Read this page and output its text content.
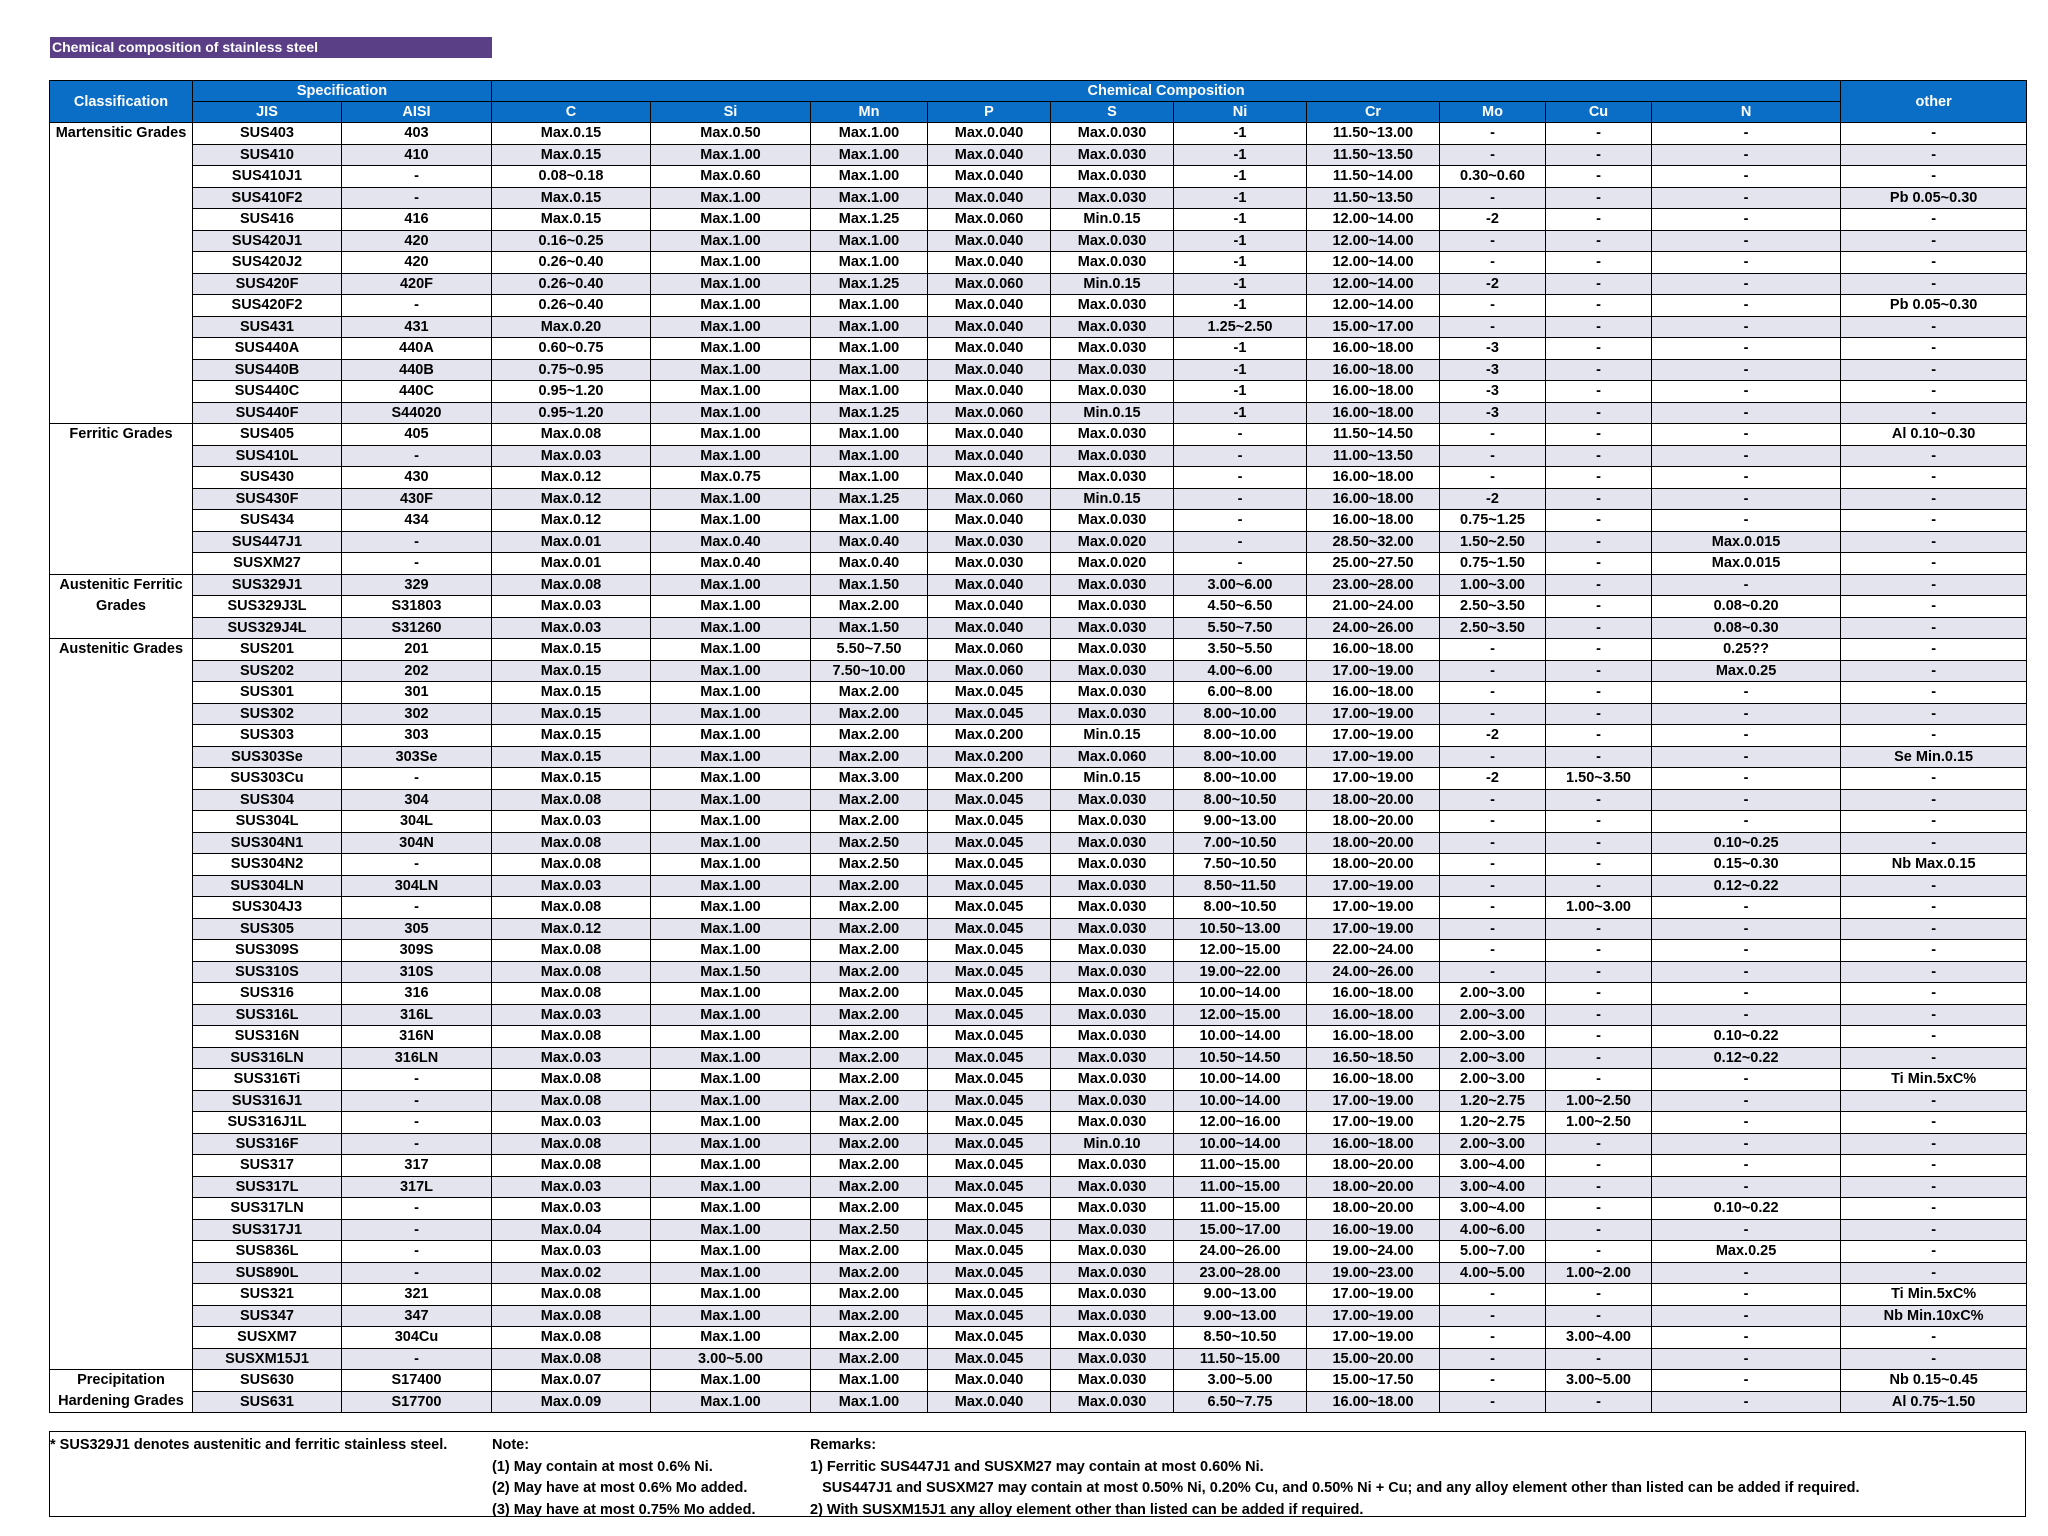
Chemical composition of stainless steel
Classification	Specification		Chemical Composition										other
	JIS	AISI	C	Si	Mn	P	S	Ni	Cr	Mo	Cu	N	
Martensitic Grades	SUS403	403	Max.0.15	Max.0.50	Max.1.00	Max.0.040	Max.0.030	-1	11.50~13.00	-	-	-	-
	SUS410	410	Max.0.15	Max.1.00	Max.1.00	Max.0.040	Max.0.030	-1	11.50~13.50	-	-	-	-
	SUS410J1	-	0.08~0.18	Max.0.60	Max.1.00	Max.0.040	Max.0.030	-1	11.50~14.00	0.30~0.60	-	-	-
	SUS410F2	-	Max.0.15	Max.1.00	Max.1.00	Max.0.040	Max.0.030	-1	11.50~13.50	-	-	-	Pb 0.05~0.30
	SUS416	416	Max.0.15	Max.1.00	Max.1.25	Max.0.060	Min.0.15	-1	12.00~14.00	-2	-	-	-
	SUS420J1	420	0.16~0.25	Max.1.00	Max.1.00	Max.0.040	Max.0.030	-1	12.00~14.00	-	-	-	-
	SUS420J2	420	0.26~0.40	Max.1.00	Max.1.00	Max.0.040	Max.0.030	-1	12.00~14.00	-	-	-	-
	SUS420F	420F	0.26~0.40	Max.1.00	Max.1.25	Max.0.060	Min.0.15	-1	12.00~14.00	-2	-	-	-
	SUS420F2	-	0.26~0.40	Max.1.00	Max.1.00	Max.0.040	Max.0.030	-1	12.00~14.00	-	-	-	Pb 0.05~0.30
	SUS431	431	Max.0.20	Max.1.00	Max.1.00	Max.0.040	Max.0.030	1.25~2.50	15.00~17.00	-	-	-	-
	SUS440A	440A	0.60~0.75	Max.1.00	Max.1.00	Max.0.040	Max.0.030	-1	16.00~18.00	-3	-	-	-
	SUS440B	440B	0.75~0.95	Max.1.00	Max.1.00	Max.0.040	Max.0.030	-1	16.00~18.00	-3	-	-	-
	SUS440C	440C	0.95~1.20	Max.1.00	Max.1.00	Max.0.040	Max.0.030	-1	16.00~18.00	-3	-	-	-
	SUS440F	S44020	0.95~1.20	Max.1.00	Max.1.25	Max.0.060	Min.0.15	-1	16.00~18.00	-3	-	-	-
Ferritic Grades	SUS405	405	Max.0.08	Max.1.00	Max.1.00	Max.0.040	Max.0.030	-	11.50~14.50	-	-	-	Al 0.10~0.30
	SUS410L	-	Max.0.03	Max.1.00	Max.1.00	Max.0.040	Max.0.030	-	11.00~13.50	-	-	-	-
	SUS430	430	Max.0.12	Max.0.75	Max.1.00	Max.0.040	Max.0.030	-	16.00~18.00	-	-	-	-
	SUS430F	430F	Max.0.12	Max.1.00	Max.1.25	Max.0.060	Min.0.15	-	16.00~18.00	-2	-	-	-
	SUS434	434	Max.0.12	Max.1.00	Max.1.00	Max.0.040	Max.0.030	-	16.00~18.00	0.75~1.25	-	-	-
	SUS447J1	-	Max.0.01	Max.0.40	Max.0.40	Max.0.030	Max.0.020	-	28.50~32.00	1.50~2.50	-	Max.0.015	-
	SUSXM27	-	Max.0.01	Max.0.40	Max.0.40	Max.0.030	Max.0.020	-	25.00~27.50	0.75~1.50	-	Max.0.015	-
Austenitic Ferritic Grades	SUS329J1	329	Max.0.08	Max.1.00	Max.1.50	Max.0.040	Max.0.030	3.00~6.00	23.00~28.00	1.00~3.00	-	-	-
	SUS329J3L	S31803	Max.0.03	Max.1.00	Max.2.00	Max.0.040	Max.0.030	4.50~6.50	21.00~24.00	2.50~3.50	-	0.08~0.20	-
	SUS329J4L	S31260	Max.0.03	Max.1.00	Max.1.50	Max.0.040	Max.0.030	5.50~7.50	24.00~26.00	2.50~3.50	-	0.08~0.30	-
Austenitic Grades	SUS201	201	Max.0.15	Max.1.00	5.50~7.50	Max.0.060	Max.0.030	3.50~5.50	16.00~18.00	-	-	0.25??	-
	SUS202	202	Max.0.15	Max.1.00	7.50~10.00	Max.0.060	Max.0.030	4.00~6.00	17.00~19.00	-	-	Max.0.25	-
	SUS301	301	Max.0.15	Max.1.00	Max.2.00	Max.0.045	Max.0.030	6.00~8.00	16.00~18.00	-	-	-	-
	SUS302	302	Max.0.15	Max.1.00	Max.2.00	Max.0.045	Max.0.030	8.00~10.00	17.00~19.00	-	-	-	-
	SUS303	303	Max.0.15	Max.1.00	Max.2.00	Max.0.200	Min.0.15	8.00~10.00	17.00~19.00	-2	-	-	-
	SUS303Se	303Se	Max.0.15	Max.1.00	Max.2.00	Max.0.200	Max.0.060	8.00~10.00	17.00~19.00	-	-	-	Se Min.0.15
	SUS303Cu	-	Max.0.15	Max.1.00	Max.3.00	Max.0.200	Min.0.15	8.00~10.00	17.00~19.00	-2	1.50~3.50	-	-
	SUS304	304	Max.0.08	Max.1.00	Max.2.00	Max.0.045	Max.0.030	8.00~10.50	18.00~20.00	-	-	-	-
	SUS304L	304L	Max.0.03	Max.1.00	Max.2.00	Max.0.045	Max.0.030	9.00~13.00	18.00~20.00	-	-	-	-
	SUS304N1	304N	Max.0.08	Max.1.00	Max.2.50	Max.0.045	Max.0.030	7.00~10.50	18.00~20.00	-	-	0.10~0.25	-
	SUS304N2	-	Max.0.08	Max.1.00	Max.2.50	Max.0.045	Max.0.030	7.50~10.50	18.00~20.00	-	-	0.15~0.30	Nb Max.0.15
	SUS304LN	304LN	Max.0.03	Max.1.00	Max.2.00	Max.0.045	Max.0.030	8.50~11.50	17.00~19.00	-	-	0.12~0.22	-
	SUS304J3	-	Max.0.08	Max.1.00	Max.2.00	Max.0.045	Max.0.030	8.00~10.50	17.00~19.00	-	1.00~3.00	-	-
	SUS305	305	Max.0.12	Max.1.00	Max.2.00	Max.0.045	Max.0.030	10.50~13.00	17.00~19.00	-	-	-	-
	SUS309S	309S	Max.0.08	Max.1.00	Max.2.00	Max.0.045	Max.0.030	12.00~15.00	22.00~24.00	-	-	-	-
	SUS310S	310S	Max.0.08	Max.1.50	Max.2.00	Max.0.045	Max.0.030	19.00~22.00	24.00~26.00	-	-	-	-
	SUS316	316	Max.0.08	Max.1.00	Max.2.00	Max.0.045	Max.0.030	10.00~14.00	16.00~18.00	2.00~3.00	-	-	-
	SUS316L	316L	Max.0.03	Max.1.00	Max.2.00	Max.0.045	Max.0.030	12.00~15.00	16.00~18.00	2.00~3.00	-	-	-
	SUS316N	316N	Max.0.08	Max.1.00	Max.2.00	Max.0.045	Max.0.030	10.00~14.00	16.00~18.00	2.00~3.00	-	0.10~0.22	-
	SUS316LN	316LN	Max.0.03	Max.1.00	Max.2.00	Max.0.045	Max.0.030	10.50~14.50	16.50~18.50	2.00~3.00	-	0.12~0.22	-
	SUS316Ti	-	Max.0.08	Max.1.00	Max.2.00	Max.0.045	Max.0.030	10.00~14.00	16.00~18.00	2.00~3.00	-	-	Ti Min.5xC%
	SUS316J1	-	Max.0.08	Max.1.00	Max.2.00	Max.0.045	Max.0.030	10.00~14.00	17.00~19.00	1.20~2.75	1.00~2.50	-	-
	SUS316J1L	-	Max.0.03	Max.1.00	Max.2.00	Max.0.045	Max.0.030	12.00~16.00	17.00~19.00	1.20~2.75	1.00~2.50	-	-
	SUS316F	-	Max.0.08	Max.1.00	Max.2.00	Max.0.045	Min.0.10	10.00~14.00	16.00~18.00	2.00~3.00	-	-	-
	SUS317	317	Max.0.08	Max.1.00	Max.2.00	Max.0.045	Max.0.030	11.00~15.00	18.00~20.00	3.00~4.00	-	-	-
	SUS317L	317L	Max.0.03	Max.1.00	Max.2.00	Max.0.045	Max.0.030	11.00~15.00	18.00~20.00	3.00~4.00	-	-	-
	SUS317LN	-	Max.0.03	Max.1.00	Max.2.00	Max.0.045	Max.0.030	11.00~15.00	18.00~20.00	3.00~4.00	-	0.10~0.22	-
	SUS317J1	-	Max.0.04	Max.1.00	Max.2.50	Max.0.045	Max.0.030	15.00~17.00	16.00~19.00	4.00~6.00	-	-	-
	SUS836L	-	Max.0.03	Max.1.00	Max.2.00	Max.0.045	Max.0.030	24.00~26.00	19.00~24.00	5.00~7.00	-	Max.0.25	-
	SUS890L	-	Max.0.02	Max.1.00	Max.2.00	Max.0.045	Max.0.030	23.00~28.00	19.00~23.00	4.00~5.00	1.00~2.00	-	-
	SUS321	321	Max.0.08	Max.1.00	Max.2.00	Max.0.045	Max.0.030	9.00~13.00	17.00~19.00	-	-	-	Ti Min.5xC%
	SUS347	347	Max.0.08	Max.1.00	Max.2.00	Max.0.045	Max.0.030	9.00~13.00	17.00~19.00	-	-	-	Nb Min.10xC%
	SUSXM7	304Cu	Max.0.08	Max.1.00	Max.2.00	Max.0.045	Max.0.030	8.50~10.50	17.00~19.00	-	3.00~4.00	-	-
	SUSXM15J1	-	Max.0.08	3.00~5.00	Max.2.00	Max.0.045	Max.0.030	11.50~15.00	15.00~20.00	-	-	-	-
Precipitation Hardening Grades	SUS630	S17400	Max.0.07	Max.1.00	Max.1.00	Max.0.040	Max.0.030	3.00~5.00	15.00~17.50	-	3.00~5.00	-	Nb 0.15~0.45
	SUS631	S17700	Max.0.09	Max.1.00	Max.1.00	Max.0.040	Max.0.030	6.50~7.75	16.00~18.00	-	-	-	Al 0.75~1.50
* SUS329J1 denotes austenitic and ferritic stainless steel.	Note:
(1) May contain at most 0.6% Ni.
(2) May have at most 0.6% Mo added.
(3) May have at most 0.75% Mo added.
Remarks:
1) Ferritic SUS447J1 and SUSXM27 may contain at most 0.60% Ni.
SUS447J1 and SUSXM27 may contain at most 0.50% Ni, 0.20% Cu, and 0.50% Ni + Cu; and any alloy element other than listed can be added if required.
2) With SUSXM15J1 any alloy element other than listed can be added if required.
